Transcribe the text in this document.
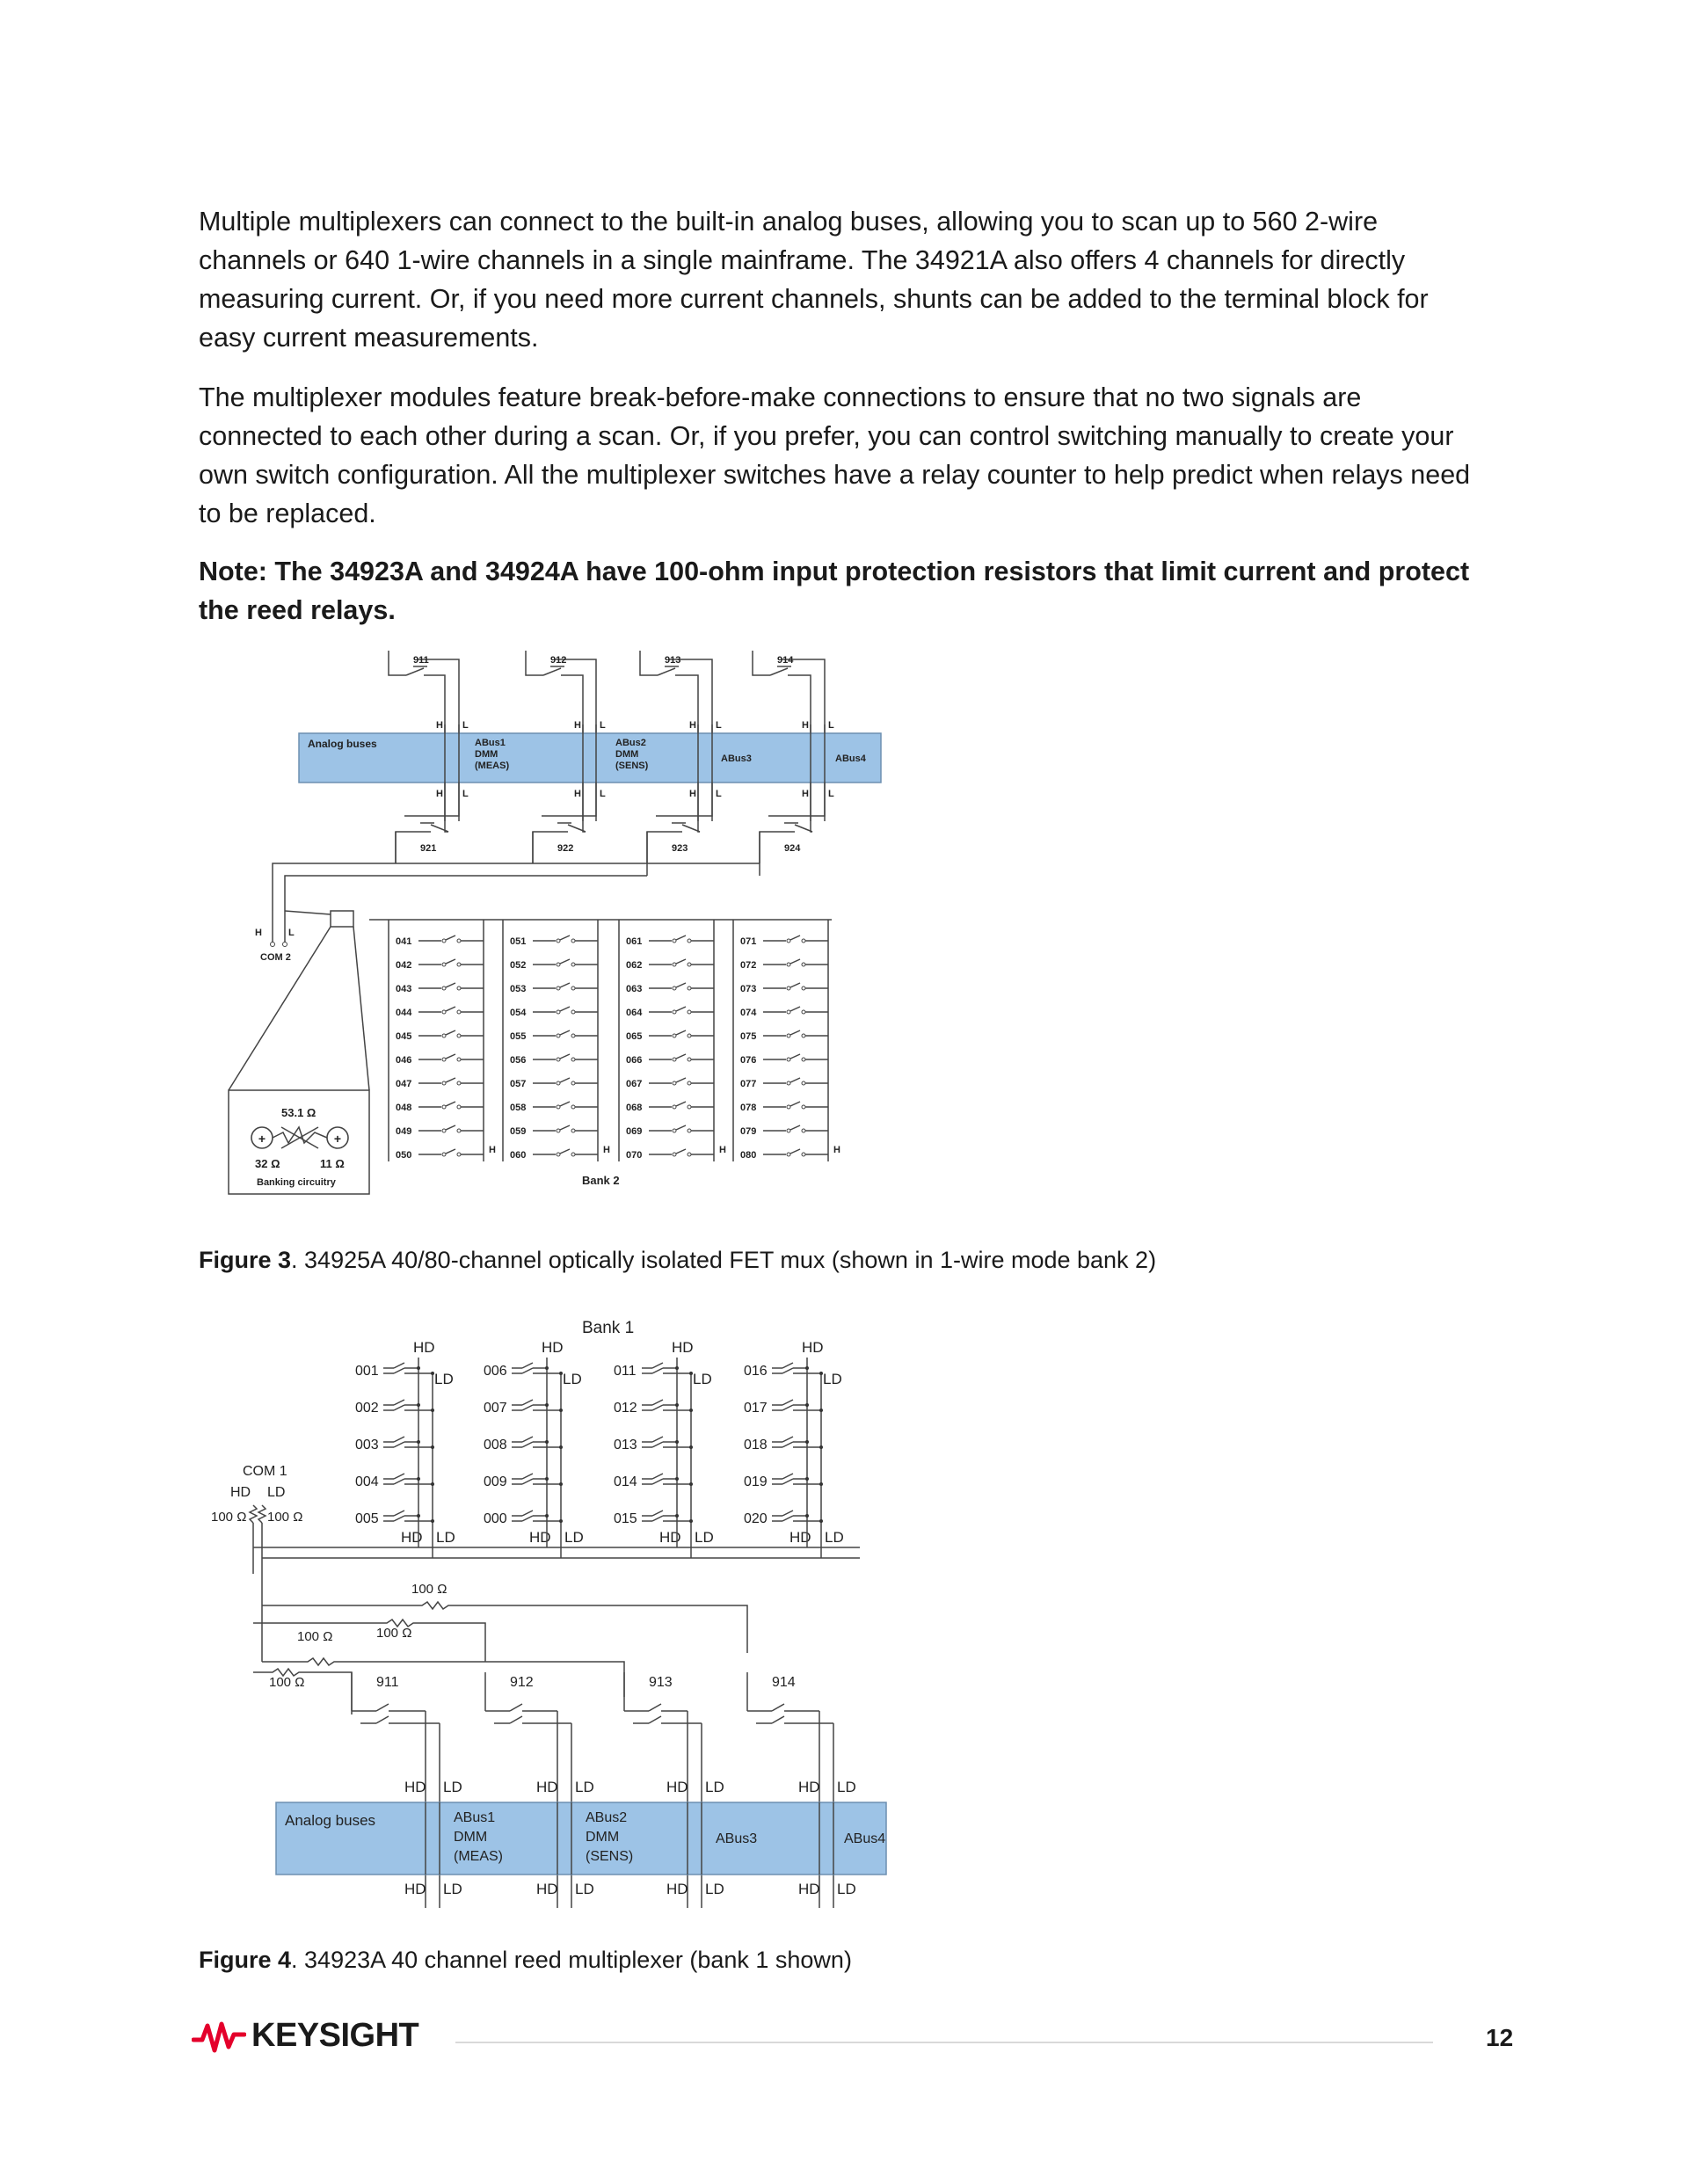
Multiple multiplexers can connect to the built-in analog buses, allowing you to scan up to 560 2-wire channels or 640 1-wire channels in a single mainframe. The 34921A also offers 4 channels for directly measuring current. Or, if you need more current channels, shunts can be added to the terminal block for easy current measurements.

The multiplexer modules feature break-before-make connections to ensure that no two signals are connected to each other during a scan. Or, if you prefer, you can control switching manually to create your own switch configuration. All the multiplexer switches have a relay counter to help predict when relays need to be replaced.

Note: The 34923A and 34924A have 100-ohm input protection resistors that limit current and protect the reed relays.

911
H L
912
H L
913
H L
914
H L
Analog buses	ABus1
DMM
(MEAS)
ABus2
DMM
(SENS)
ABus3	ABus4
H L	H L	H L	H L
921	922	923	924
H	L
COM 2
53.1 Ω
+	+
32 Ω	11 Ω
Banking circuitry
041
042
043
044
045
046
047
048
049
050	H
051
052
053
054
055
056
057
058
059
060	H
061
062
063
064
065
066
067
068
069
070	H
071
072
073
074
075
076
077
078
079
080	H
Bank 2
Figure 3. 34925A 40/80-channel optically isolated FET mux (shown in 1-wire mode bank 2)
Bank 1
HD
LD
001
002
003
004
005
HD LD
HD
LD
006
007
008
009
000
HD LD
HD
LD
011
012
013
014
015
HD LD
HD
LD
016
017
018
019
020
HD LD
COM 1
HD LD
100 Ω 100 Ω
100 Ω
100 Ω
100 Ω
100 Ω	911
HD LD
HD LD
912
HD LD
HD LD
913
HD LD
HD LD
914
HD LD
HD LD
Analog buses	ABus1
DMM
(MEAS)
ABus2
DMM
(SENS)
ABus3	ABus4
Figure 4. 34923A 40 channel reed multiplexer (bank 1 shown)
KEYSIGHT	12
